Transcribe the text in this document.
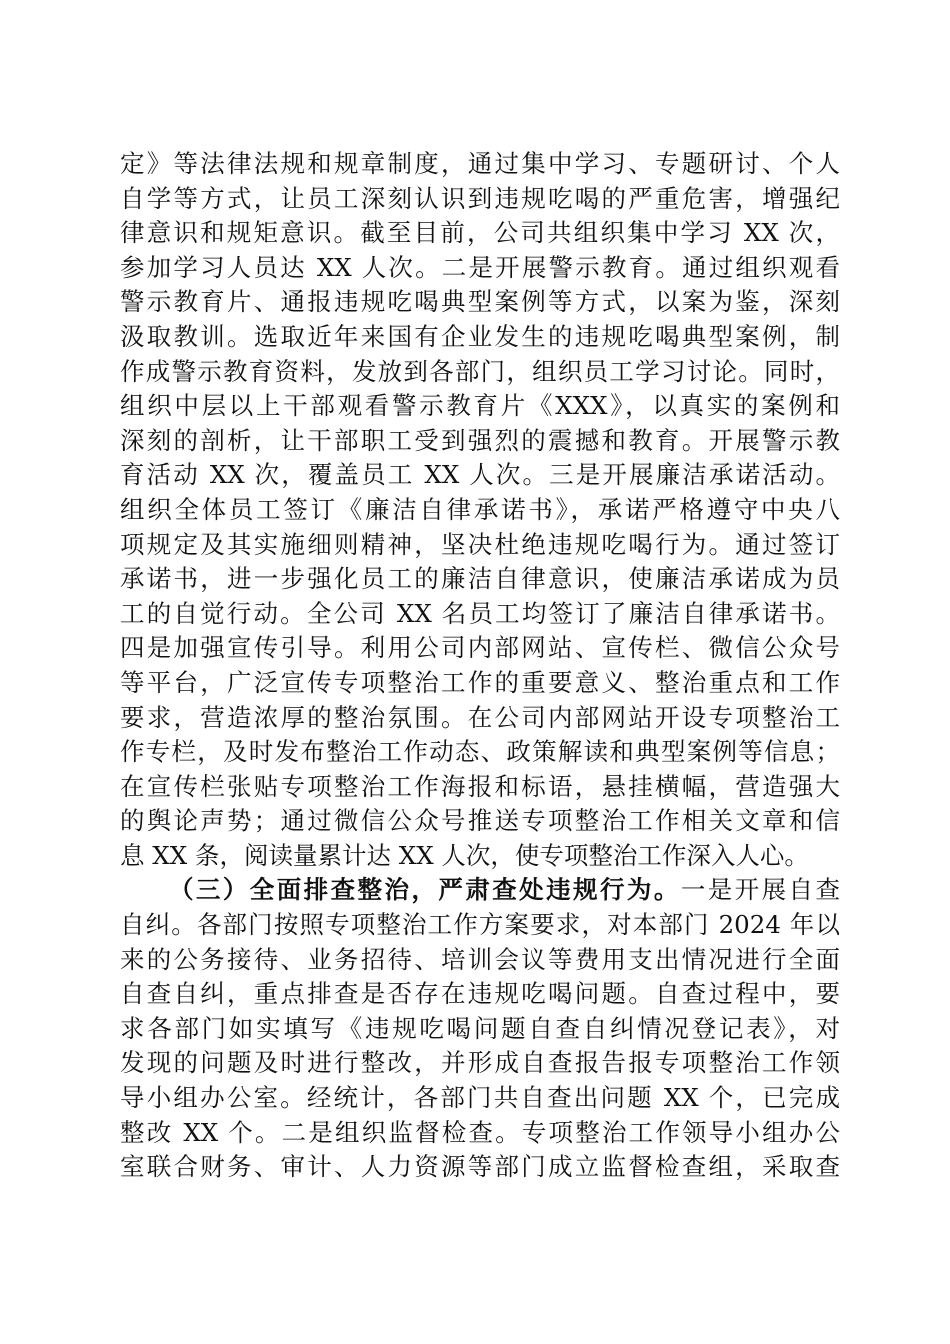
定》等法律法规和规章制度，通过集中学习、专题研讨、个人
自学等方式，让员工深刻认识到违规吃喝的严重危害，增强纪
律意识和规矩意识。截至目前，公司共组织集中学习 XX 次，
参加学习人员达 XX 人次。二是开展警示教育。通过组织观看
警示教育片、通报违规吃喝典型案例等方式，以案为鉴，深刻
汲取教训。选取近年来国有企业发生的违规吃喝典型案例，制
作成警示教育资料，发放到各部门，组织员工学习讨论。同时，
组织中层以上干部观看警示教育片《XXX》，以真实的案例和
深刻的剖析，让干部职工受到强烈的震撼和教育。开展警示教
育活动 XX 次，覆盖员工 XX 人次。三是开展廉洁承诺活动。
组织全体员工签订《廉洁自律承诺书》，承诺严格遵守中央八
项规定及其实施细则精神，坚决杜绝违规吃喝行为。通过签订
承诺书，进一步强化员工的廉洁自律意识，使廉洁承诺成为员
工的自觉行动。全公司 XX 名员工均签订了廉洁自律承诺书。
四是加强宣传引导。利用公司内部网站、宣传栏、微信公众号
等平台，广泛宣传专项整治工作的重要意义、整治重点和工作
要求，营造浓厚的整治氛围。在公司内部网站开设专项整治工
作专栏，及时发布整治工作动态、政策解读和典型案例等信息；
在宣传栏张贴专项整治工作海报和标语，悬挂横幅，营造强大
的舆论声势；通过微信公众号推送专项整治工作相关文章和信
息 XX 条，阅读量累计达 XX 人次，使专项整治工作深入人心。
（三）全面排查整治，严肃查处违规行为。一是开展自查
自纠。各部门按照专项整治工作方案要求，对本部门 2024 年以
来的公务接待、业务招待、培训会议等费用支出情况进行全面
自查自纠，重点排查是否存在违规吃喝问题。自查过程中，要
求各部门如实填写《违规吃喝问题自查自纠情况登记表》，对
发现的问题及时进行整改，并形成自查报告报专项整治工作领
导小组办公室。经统计，各部门共自查出问题 XX 个，已完成
整改 XX 个。二是组织监督检查。专项整治工作领导小组办公
室联合财务、审计、人力资源等部门成立监督检查组，采取查
